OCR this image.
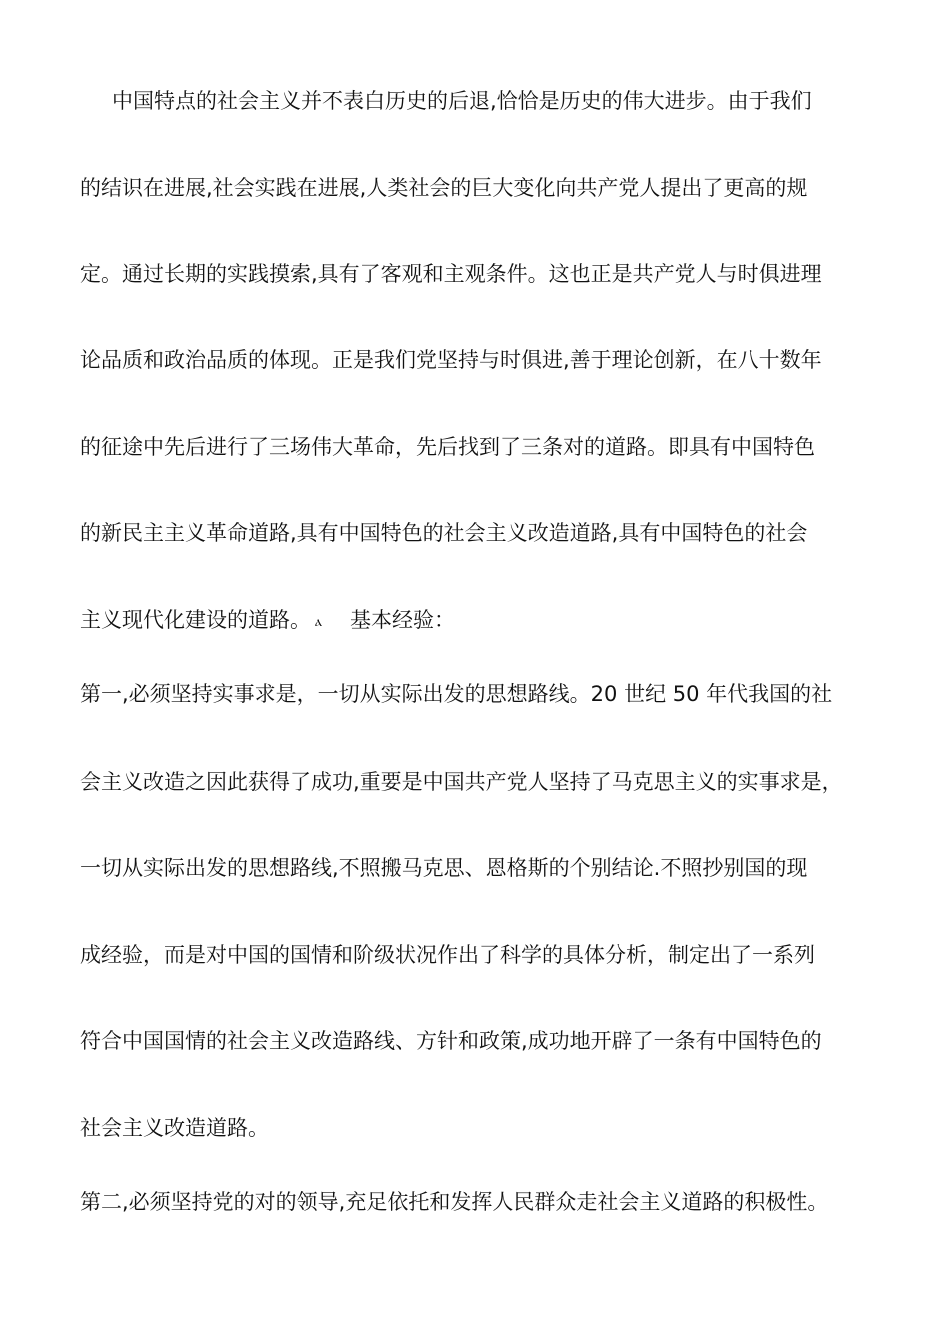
中国特点的社会主义并不表白历史的后退,恰恰是历史的伟大进步。由于我们
的结识在进展,社会实践在进展,人类社会的巨大变化向共产党人提出了更高的规
定。通过长期的实践摸索,具有了客观和主观条件。这也正是共产党人与时俱进理
论品质和政治品质的体现。正是我们党坚持与时俱进,善于理论创新，在八十数年
的征途中先后进行了三场伟大革命，先后找到了三条对的道路。即具有中国特色
的新民主主义革命道路,具有中国特色的社会主义改造道路,具有中国特色的社会
主义现代化建设的道路。 ⲁ 基本经验：
第一,必须坚持实事求是，一切从实际出发的思想路线。20 世纪 50 年代我国的社
会主义改造之因此获得了成功,重要是中国共产党人坚持了马克思主义的实事求是，
一切从实际出发的思想路线,不照搬马克思、恩格斯的个别结论.不照抄别国的现
成经验，而是对中国的国情和阶级状况作出了科学的具体分析，制定出了一系列
符合中国国情的社会主义改造路线、方针和政策,成功地开辟了一条有中国特色的
社会主义改造道路。
第二,必须坚持党的对的领导,充足依托和发挥人民群众走社会主义道路的积极性。
